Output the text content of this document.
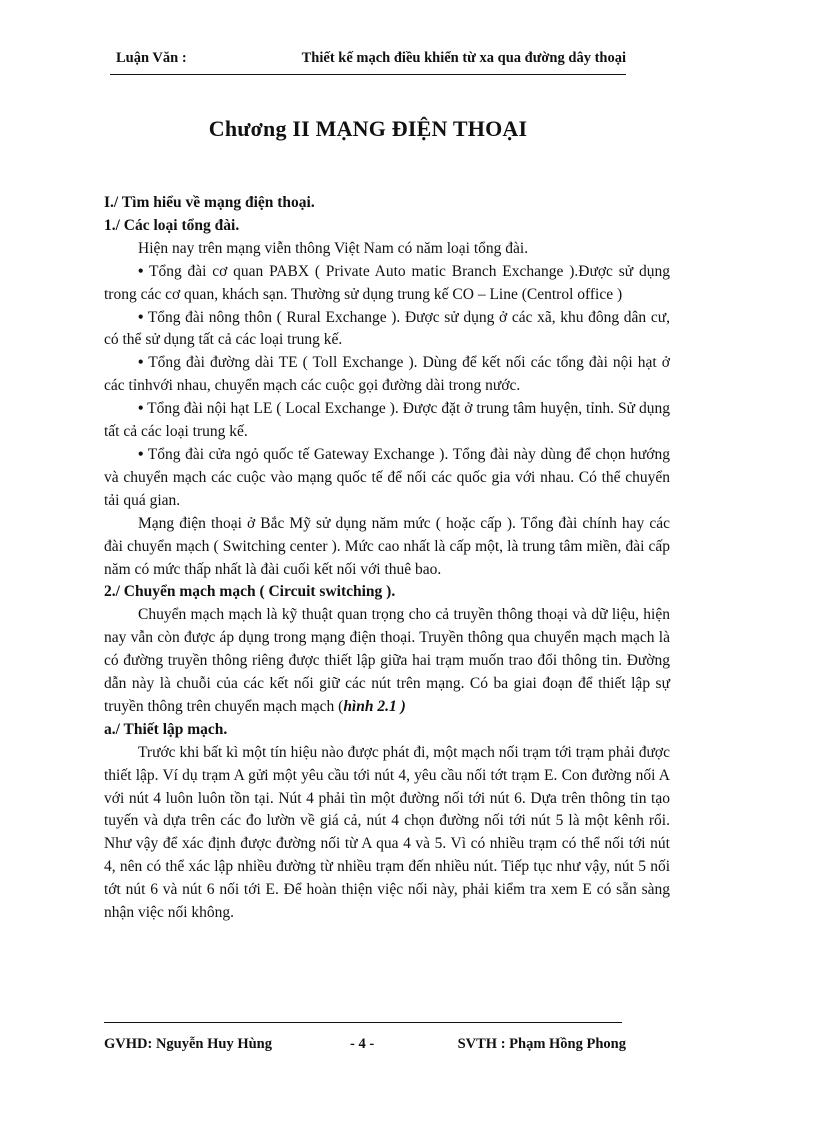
Luận Văn :	Thiết kế mạch điều khiển từ xa qua đường dây thoại
Chương II MẠNG ĐIỆN THOẠI

I./ Tìm hiểu về mạng điện thoại.

1./ Các loại tổng đài.

Hiện nay trên mạng viễn thông Việt Nam có năm loại tổng đài.

• Tổng đài cơ quan PABX ( Private Auto matic Branch Exchange ).Được sử dụng trong các cơ quan, khách sạn. Thường sử dụng trung kế CO – Line (Centrol office )

• Tổng đài nông thôn ( Rural Exchange ). Được sử dụng ở các xã, khu đông dân cư, có thể sử dụng tất cả các loại trung kế.

• Tổng đài đường dài TE ( Toll Exchange ). Dùng để kết nối các tổng đài nội hạt ở các tỉnhvới nhau, chuyển mạch các cuộc gọi đường dài trong nước.

• Tổng đài nội hạt LE ( Local Exchange ). Được đặt ở trung tâm huyện, tỉnh. Sử dụng tất cả các loại trung kế.

• Tổng đài cửa ngỏ quốc tế Gateway Exchange ). Tổng đài này dùng để chọn hướng và chuyển mạch các cuộc vào mạng quốc tế để nối các quốc gia với nhau. Có thể chuyển tải quá gian.

Mạng điện thoại ở Bắc Mỹ sử dụng năm mức ( hoặc cấp ). Tổng đài chính hay các đài chuyển mạch ( Switching center ). Mức cao nhất là cấp một, là trung tâm miền, đài cấp năm có mức thấp nhất là đài cuối kết nối với thuê bao.

2./ Chuyển mạch mạch ( Circuit switching ).

Chuyển mạch mạch là kỹ thuật quan trọng cho cả truyền thông thoại và dữ liệu, hiện nay vẫn còn được áp dụng trong mạng điện thoại. Truyền thông qua chuyển mạch mạch là có đường truyền thông riêng được thiết lập giữa hai trạm muốn trao đổi thông tin. Đường dẫn này là chuỗi của các kết nối giữ các nút trên mạng. Có ba giai đoạn để thiết lập sự truyền thông trên chuyển mạch mạch (hình 2.1 )

a./ Thiết lập mạch.

Trước khi bất kì một tín hiệu nào được phát đi, một mạch nối trạm tới trạm phải được thiết lập. Ví dụ trạm A gửi một yêu cầu tới nút 4, yêu cầu nối tớt trạm E. Con đường nối A với nút 4 luôn luôn tồn tại. Nút 4 phải tìn một đường nối tới nút 6. Dựa trên thông tin tạo tuyến và dựa trên các đo lườn về giá cả, nút 4 chọn đường nối tới nút 5 là một kênh rổi. Như vậy để xác định được đường nối từ A qua 4 và 5. Vì có nhiều trạm có thể nối tới nút 4, nên có thể xác lập nhiều đường từ nhiều trạm đến nhiều nút. Tiếp tục như vậy, nút 5 nối tớt nút 6 và nút 6 nối tới E. Để hoàn thiện việc nối này, phải kiểm tra xem E có sẵn sàng nhận việc nối không.

GVHD: Nguyễn Huy Hùng	- 4 -	SVTH : Phạm Hồng Phong
